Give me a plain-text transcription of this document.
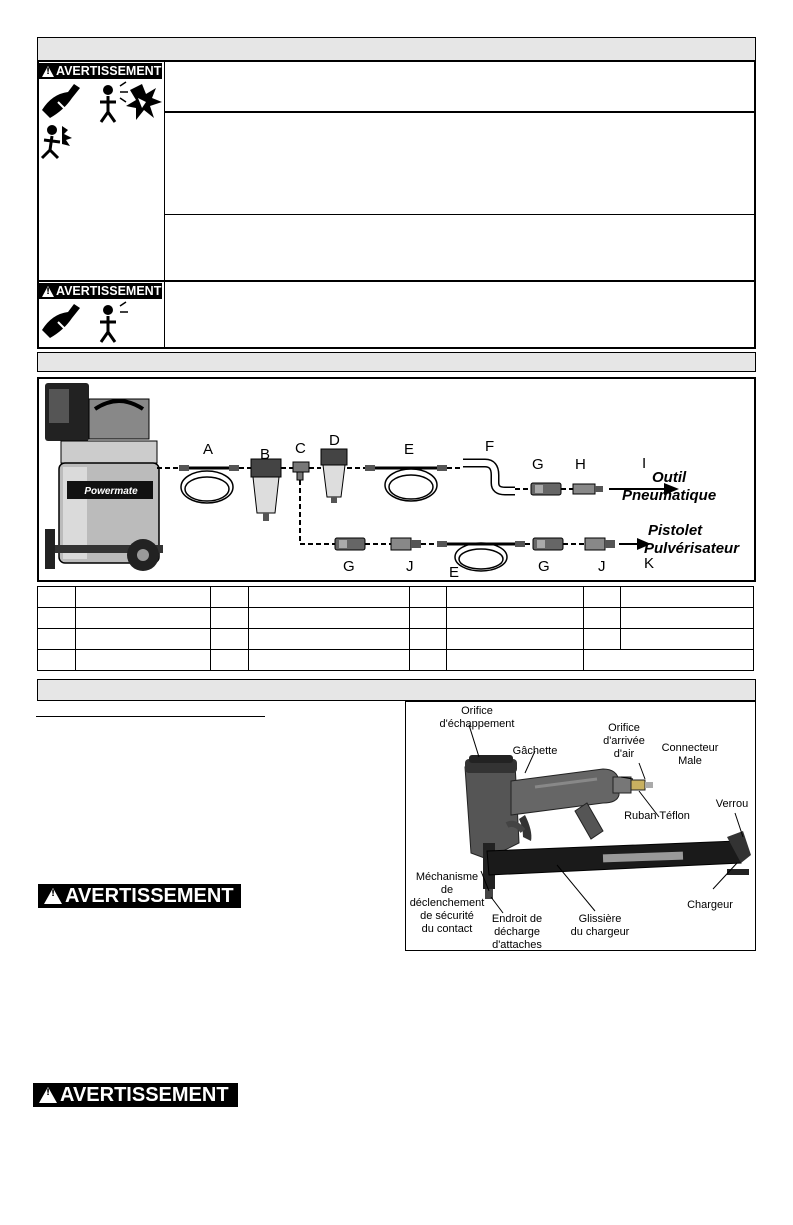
!
AVERTISSEMENT
!
AVERTISSEMENT
Powermate
A	B C D
E	F
G H	I
G	J E	G	J	K
Outil
Pneumatique
Pistolet
Pulvérisateur

!
AVERTISSEMENT
!
AVERTISSEMENT
Orifice
d'échappement
Gâchette
Orifice
d'arrivée
d'air	Connecteur
Male
Ruban Téflon
Verrou
Méchanisme
de
déclenchement
de sécurité
du contact
Endroit de
décharge
d'attaches
Glissière
du chargeur
Chargeur
